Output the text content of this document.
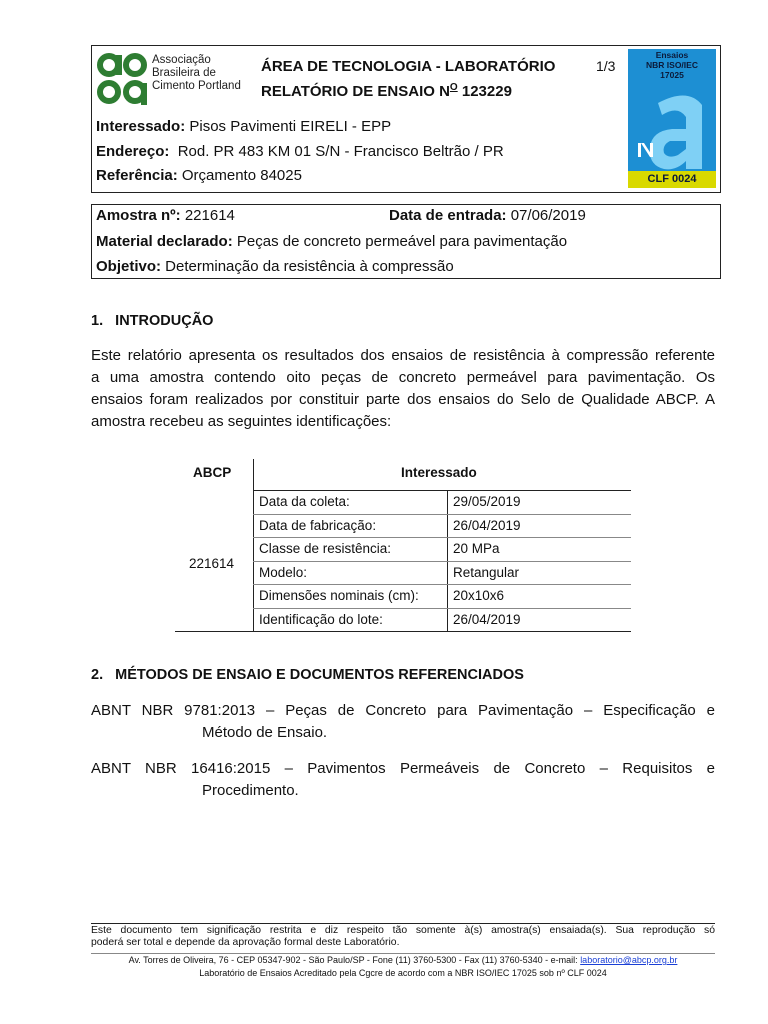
Associação
Brasileira de
Cimento Portland
ÁREA DE TECNOLOGIA - LABORATÓRIO
RELATÓRIO DE ENSAIO $N^O$ 123229
1/3
Ensaios
NBR ISO/IEC
17025
CLF 0024
Interessado: Pisos Pavimenti EIRELI - EPP
Endereço:  Rod. PR 483 KM 01 S/N - Francisco Beltrão / PR
Referência: Orçamento 84025
Amostra nº: 221614	Data de entrada: 07/06/2019
Material declarado: Peças de concreto permeável para pavimentação
Objetivo: Determinação da resistência à compressão
1.   INTRODUÇÃO
Este relatório apresenta os resultados dos ensaios de resistência à compressão referente
a uma amostra contendo oito peças de concreto permeável para pavimentação. Os
ensaios foram realizados por constituir parte dos ensaios do Selo de Qualidade ABCP. A
amostra recebeu as seguintes identificações:
ABCP	Interessado
221614
Data da coleta:	29/05/2019
Data de fabricação:	26/04/2019
Classe de resistência:	20 MPa
Modelo:	Retangular
Dimensões nominais (cm):	20x10x6
Identificação do lote:	26/04/2019
2.   MÉTODOS DE ENSAIO E DOCUMENTOS REFERENCIADOS
ABNT  NBR  9781:2013  –  Peças  de  Concreto  para  Pavimentação  –  Especificação  e
Método de Ensaio.
ABNT  NBR  16416:2015  –  Pavimentos  Permeáveis  de  Concreto  –  Requisitos  e
Procedimento.
Este documento tem significação restrita e diz respeito tão somente à(s) amostra(s) ensaiada(s). Sua reprodução só
poderá ser total e depende da aprovação formal deste Laboratório.
Av. Torres de Oliveira, 76 - CEP 05347-902 - São Paulo/SP - Fone (11) 3760-5300 - Fax (11) 3760-5340 - e-mail: laboratorio@abcp.org.br
Laboratório de Ensaios Acreditado pela Cgcre de acordo com a NBR ISO/IEC 17025 sob nº CLF 0024
